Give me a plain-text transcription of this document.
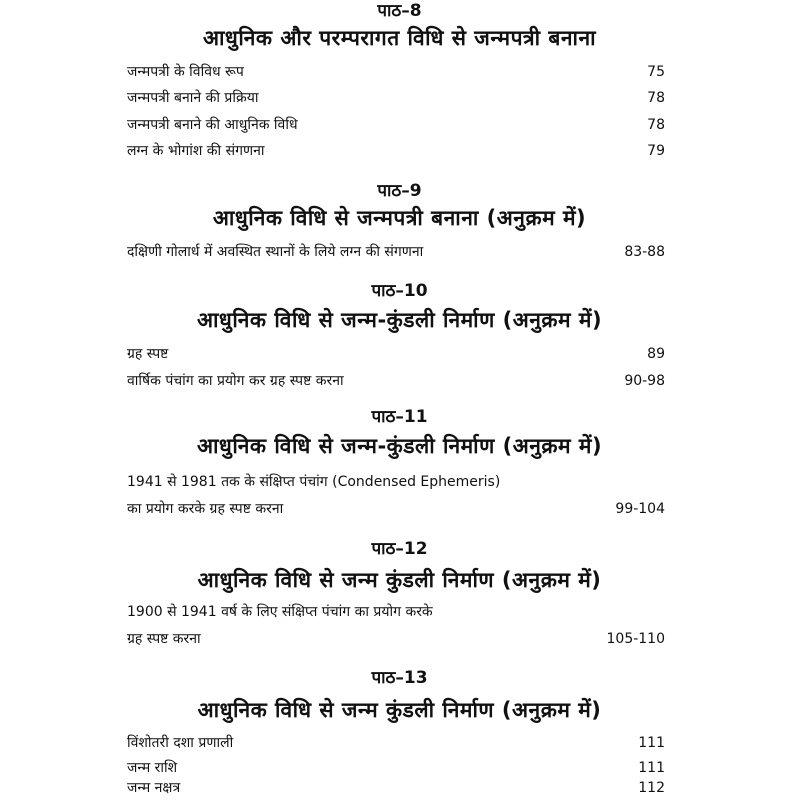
पाठ–8
आधुनिक और परम्परागत विधि से जन्मपत्री बनाना
जन्मपत्री के विविध रूप	75
जन्मपत्री बनाने की प्रक्रिया	78
जन्मपत्री बनाने की आधुनिक विधि	78
लग्न के भोगांश की संगणना	79
पाठ–9
आधुनिक विधि से जन्मपत्री बनाना (अनुक्रम में)
दक्षिणी गोलार्ध में अवस्थित स्थानों के लिये लग्न की संगणना	83-88
पाठ–10
आधुनिक विधि से जन्म-कुंडली निर्माण (अनुक्रम में)
ग्रह स्पष्ट	89
वार्षिक पंचांग का प्रयोग कर ग्रह स्पष्ट करना	90-98
पाठ–11
आधुनिक विधि से जन्म-कुंडली निर्माण (अनुक्रम में)
1941 से 1981 तक के संक्षिप्त पंचांग (Condensed Ephemeris)
का प्रयोग करके ग्रह स्पष्ट करना	99-104
पाठ–12
आधुनिक विधि से जन्म कुंडली निर्माण (अनुक्रम में)
1900 से 1941 वर्ष के लिए संक्षिप्त पंचांग का प्रयोग करके
ग्रह स्पष्ट करना	105-110
पाठ–13
आधुनिक विधि से जन्म कुंडली निर्माण (अनुक्रम में)
विंशोतरी दशा प्रणाली	111
जन्म राशि	111
जन्म नक्षत्र	112
